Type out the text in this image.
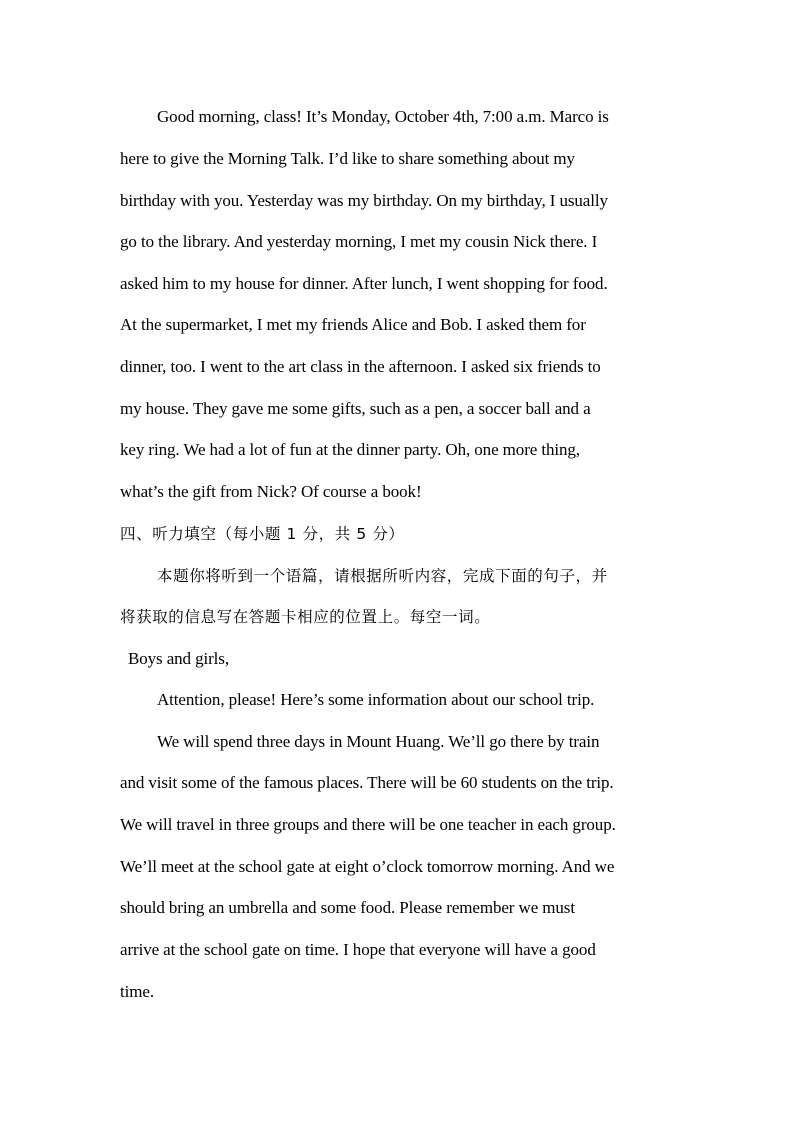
Good morning, class! It’s Monday, October 4th, 7:00 a.m. Marco is
here to give the Morning Talk. I’d like to share something about my
birthday with you. Yesterday was my birthday. On my birthday, I usually
go to the library. And yesterday morning, I met my cousin Nick there. I
asked him to my house for dinner. After lunch, I went shopping for food.
At the supermarket, I met my friends Alice and Bob. I asked them for
dinner, too. I went to the art class in the afternoon. I asked six friends to
my house. They gave me some gifts, such as a pen, a soccer ball and a
key ring. We had a lot of fun at the dinner party. Oh, one more thing,
what’s the gift from Nick? Of course a book!
四、听力填空（每小题 1 分，共 5 分）
本题你将听到一个语篇，请根据所听内容，完成下面的句子，并
将获取的信息写在答题卡相应的位置上。每空一词。
Boys and girls,
Attention, please! Here’s some information about our school trip.
We will spend three days in Mount Huang. We’ll go there by train
and visit some of the famous places. There will be 60 students on the trip.
We will travel in three groups and there will be one teacher in each group.
We’ll meet at the school gate at eight o’clock tomorrow morning. And we
should bring an umbrella and some food. Please remember we must
arrive at the school gate on time. I hope that everyone will have a good
time.
